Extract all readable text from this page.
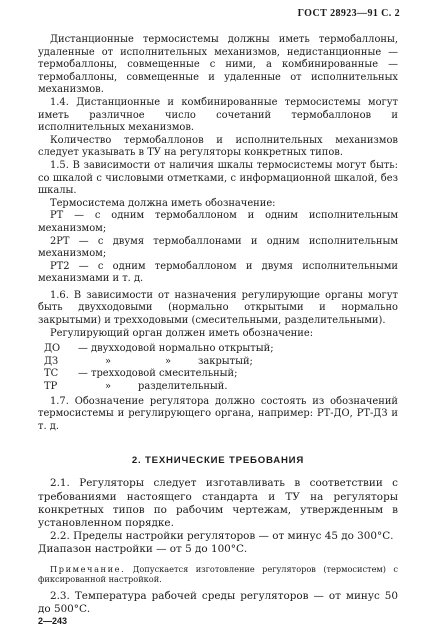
ГОСТ 28923—91 С. 2

Дистанционные термосистемы должны иметь термобаллоны, удаленные от исполнительных механизмов, недистанционные — термобаллоны, совмещенные с ними, а комбинированные — термобаллоны, совмещенные и удаленные от исполнительных механизмов.

1.4. Дистанционные и комбинированные термосистемы могут иметь различное число сочетаний термобаллонов и исполнительных механизмов.

Количество термобаллонов и исполнительных механизмов следует указывать в ТУ на регуляторы конкретных типов.

1.5. В зависимости от наличия шкалы термосистемы могут быть: со шкалой с числовыми отметками, с информационной шкалой, без шкалы.

Термосистема должна иметь обозначение:

РТ — с одним термобаллоном и одним исполнительным механизмом;

2РТ — с двумя термобаллонами и одним исполнительным механизмом;

РТ2 — с одним термобаллоном и двумя исполнительными механизмами и т. д.

1.6. В зависимости от назначения регулирующие органы могут быть двухходовыми (нормально открытыми и нормально закрытыми) и трехходовыми (смесительными, разделительными).

Регулирующий орган должен иметь обозначение:

ДО	— двухходовой нормально открытый;
ДЗ	»	»	закрытый;
ТС	— трехходовой смесительный;
ТР	»	разделительный.

1.7. Обозначение регулятора должно состоять из обозначений термосистемы и регулирующего органа, например: РТ-ДО, РТ-ДЗ и т. д.

2. ТЕХНИЧЕСКИЕ ТРЕБОВАНИЯ

2.1. Регуляторы следует изготавливать в соответствии с требованиями настоящего стандарта и ТУ на регуляторы конкретных типов по рабочим чертежам, утвержденным в установленном порядке.

2.2. Пределы настройки регуляторов — от минус 45 до 300°С.

Диапазон настройки — от 5 до 100°С.

Примечание. Допускается изготовление регуляторов (термосистем) с фиксированной настройкой.

2.3. Температура рабочей среды регуляторов — от минус 50 до 500°С.

2—243
